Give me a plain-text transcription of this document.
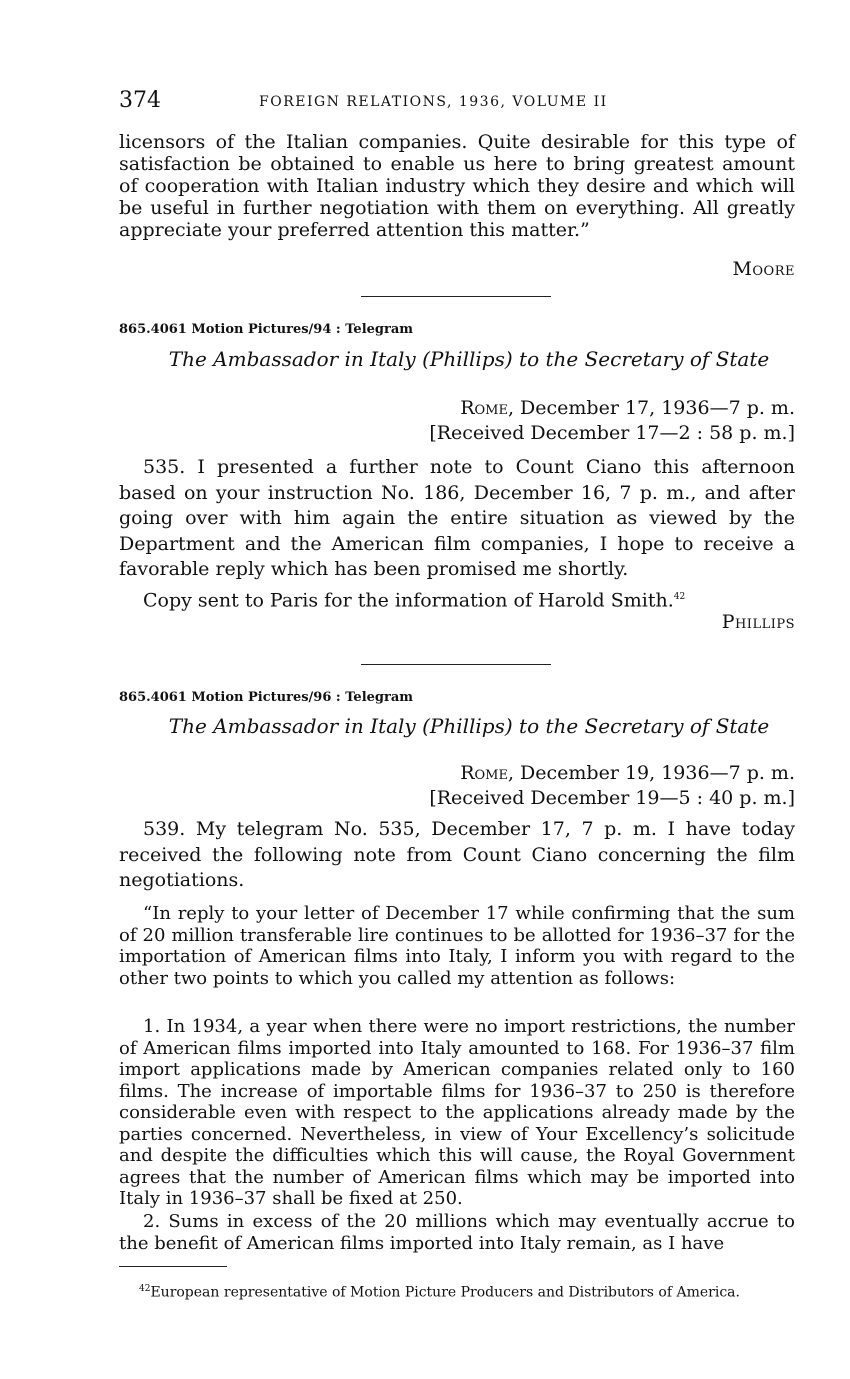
374	FOREIGN RELATIONS, 1936, VOLUME II

licensors of the Italian companies. Quite desirable for this type of satisfaction be obtained to enable us here to bring greatest amount of cooperation with Italian industry which they desire and which will be useful in further negotiation with them on everything. All greatly appreciate your preferred attention this matter.”

Moore

865.4061 Motion Pictures/94 : Telegram

The Ambassador in Italy (Phillips) to the Secretary of State

Rome, December 17, 1936—7 p. m.
[Received December 17—2 : 58 p. m.]

535. I presented a further note to Count Ciano this afternoon based on your instruction No. 186, December 16, 7 p. m., and after going over with him again the entire situation as viewed by the Department and the American film companies, I hope to receive a favorable reply which has been promised me shortly.

Copy sent to Paris for the information of Harold Smith.$^{42}$

Phillips

865.4061 Motion Pictures/96 : Telegram

The Ambassador in Italy (Phillips) to the Secretary of State

Rome, December 19, 1936—7 p. m.
[Received December 19—5 : 40 p. m.]

539. My telegram No. 535, December 17, 7 p. m. I have today received the following note from Count Ciano concerning the film negotiations.

“In reply to your letter of December 17 while confirming that the sum of 20 million transferable lire continues to be allotted for 1936–37 for the importation of American films into Italy, I inform you with regard to the other two points to which you called my attention as follows:

1. In 1934, a year when there were no import restrictions, the number of American films imported into Italy amounted to 168. For 1936–37 film import applications made by American companies related only to 160 films. The increase of importable films for 1936–37 to 250 is therefore considerable even with respect to the applications already made by the parties concerned. Nevertheless, in view of Your Excellency’s solicitude and despite the difficulties which this will cause, the Royal Government agrees that the number of American films which may be imported into Italy in 1936–37 shall be fixed at 250.

2. Sums in excess of the 20 millions which may eventually accrue to the benefit of American films imported into Italy remain, as I have

$^{42}$European representative of Motion Picture Producers and Distributors of America.
